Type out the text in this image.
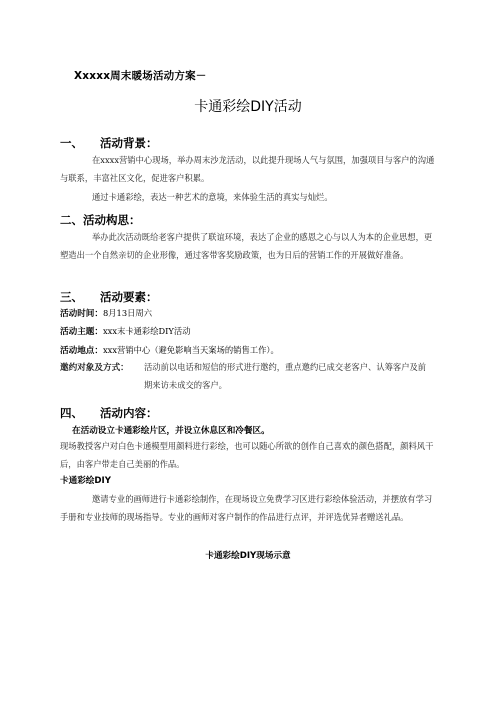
Xxxxx周末暖场活动方案－
卡通彩绘DIY活动
一、 活动背景：
在xxxx营销中心现场，举办周末沙龙活动，以此提升现场人气与氛围，加强项目与客户的沟通与联系，丰富社区文化，促进客户积累。
通过卡通彩绘，表达一种艺术的意境，来体验生活的真实与灿烂。
二、活动构思：
举办此次活动既给老客户提供了联谊环境，表达了企业的感恩之心与以人为本的企业思想，更塑造出一个自然亲切的企业形像，通过客带客奖励政策，也为日后的营销工作的开展做好准备。
三、 活动要素：
活动时间：8月13日周六
活动主题：xxx末卡通彩绘DIY活动
活动地点：xxx营销中心（避免影响当天案场的销售工作）。
邀约对象及方式：	活动前以电话和短信的形式进行邀约，重点邀约已成交老客户、认筹客户及前期来访未成交的客户。
四、 活动内容：
在活动设立卡通彩绘片区，并设立休息区和冷餐区。
现场教授客户对白色卡通模型用颜料进行彩绘，也可以随心所欲的创作自己喜欢的颜色搭配，颜料风干后，由客户带走自己美丽的作品。
卡通彩绘DIY
邀请专业的画师进行卡通彩绘制作，在现场设立免费学习区进行彩绘体验活动，并摆放有学习手册和专业技师的现场指导。专业的画师对客户制作的作品进行点评，并评选优异者赠送礼品。
卡通彩绘DIY现场示意
